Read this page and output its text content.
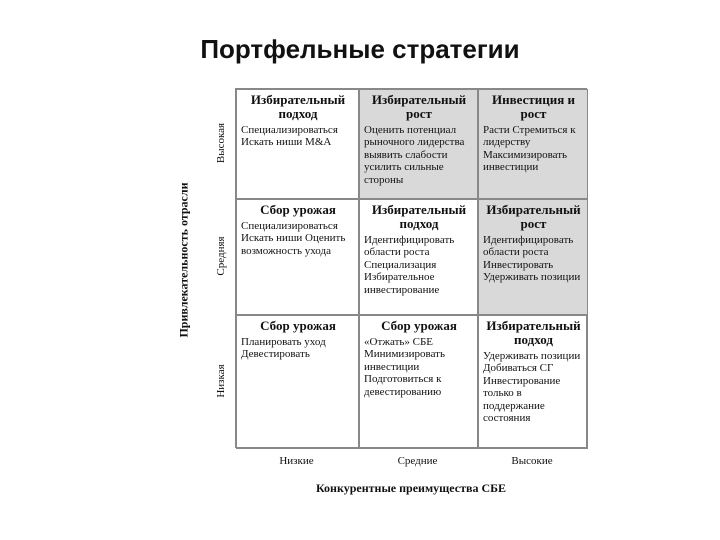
Портфельные стратегии
Привлекательность отрасли
Высокая
Средняя
Низкая
Избирательный подход
Специализироваться Искать ниши M&A
Избирательный рост
Оценить потенциал рыночного лидерства выявить слабости усилить сильные стороны
Инвестиция и рост
Расти Стремиться к лидерству Максимизировать инвестиции
Сбор урожая
Специализироваться Искать ниши Оценить возможность ухода
Избирательный подход
Идентифицировать области роста Специализация Избирательное инвестирование
Избирательный рост
Идентифицировать области роста Инвестировать Удерживать позиции
Сбор урожая
Планировать уход Девестировать
Сбор урожая
«Отжать» СБЕ Минимизировать инвестиции Подготовиться к девестированию
Избирательный подход
Удерживать позиции Добиваться СГ Инвестирование только в поддержание состояния
Низкие	Средние	Высокие
Конкурентные преимущества СБЕ
